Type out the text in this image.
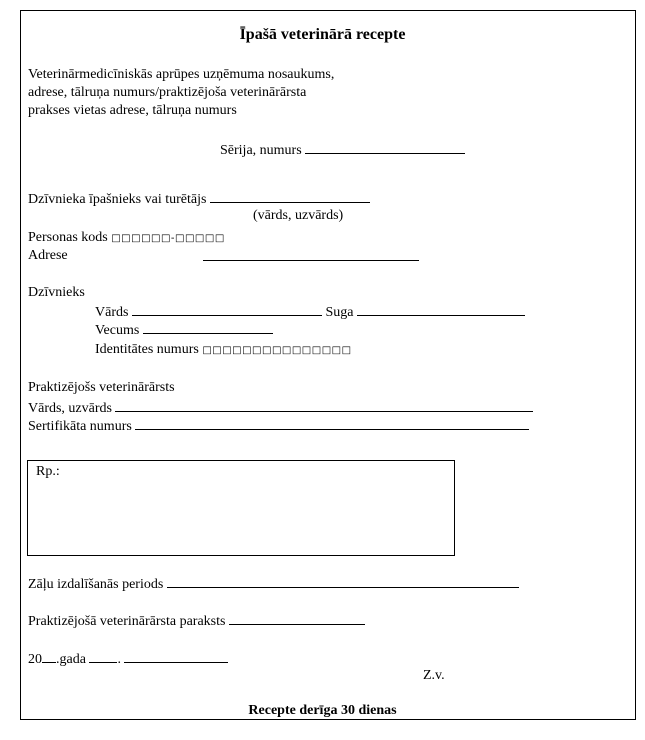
Īpašā veterinārā recepte
Veterinārmedicīniskās aprūpes uzņēmuma nosaukums,
adrese, tālruņa numurs/praktizējoša veterinārārsta
prakses vietas adrese, tālruņa numurs
Sērija, numurs
Dzīvnieka īpašnieks vai turētājs
(vārds, uzvārds)
Personas kods □□□□□□-□□□□□
Adrese
Dzīvnieks
Vārds	Suga
Vecums
Identitātes numurs □□□□□□□□□□□□□□□
Praktizējošs veterinārārsts
Vārds, uzvārds
Sertifikāta numurs
Rp.:
Zāļu izdalīšanās periods
Praktizējošā veterinārārsta paraksts
20 .gada .
Z.v.
Recepte derīga 30 dienas
